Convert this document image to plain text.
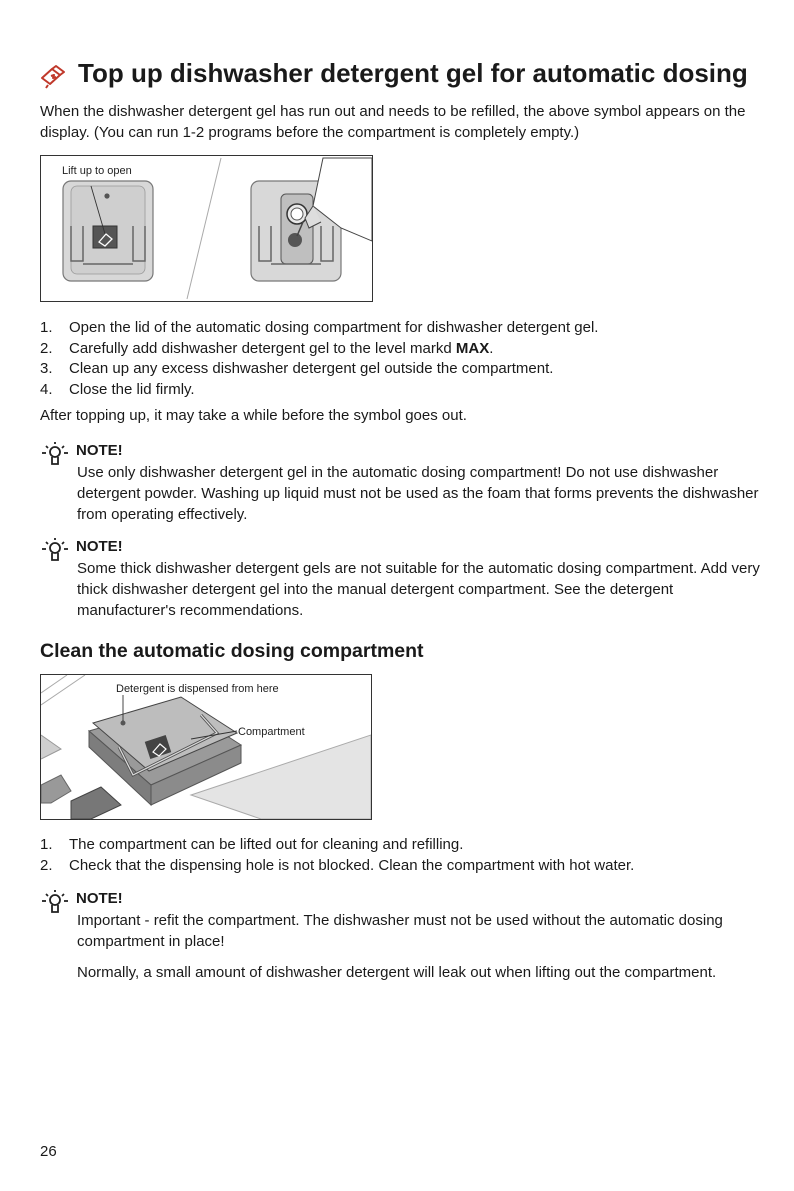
Top up dishwasher detergent gel for automatic dosing
When the dishwasher detergent gel has run out and needs to be refilled, the above symbol appears on the display. (You can run 1-2 programs before the compartment is completely empty.)
Lift up to open
1. Open the lid of the automatic dosing compartment for dishwasher detergent gel.
2. Carefully add dishwasher detergent gel to the level markd MAX.
3. Clean up any excess dishwasher detergent gel outside the compartment.
4. Close the lid firmly.
After topping up, it may take a while before the symbol goes out.
NOTE!
Use only dishwasher detergent gel in the automatic dosing compartment! Do not use dishwasher detergent powder. Washing up liquid must not be used as the foam that forms prevents the dishwasher from operating effectively.
NOTE!
Some thick dishwasher detergent gels are not suitable for the automatic dosing compartment. Add very thick dishwasher detergent gel into the manual detergent compartment. See the detergent manufacturer's recommendations.
Clean the automatic dosing compartment
Detergent is dispensed from here
Compartment
1. The compartment can be lifted out for cleaning and refilling.
2. Check that the dispensing hole is not blocked. Clean the compartment with hot water.
NOTE!
Important - refit the compartment. The dishwasher must not be used without the automatic dosing compartment in place!
Normally, a small amount of dishwasher detergent will leak out when lifting out the compartment.
26
